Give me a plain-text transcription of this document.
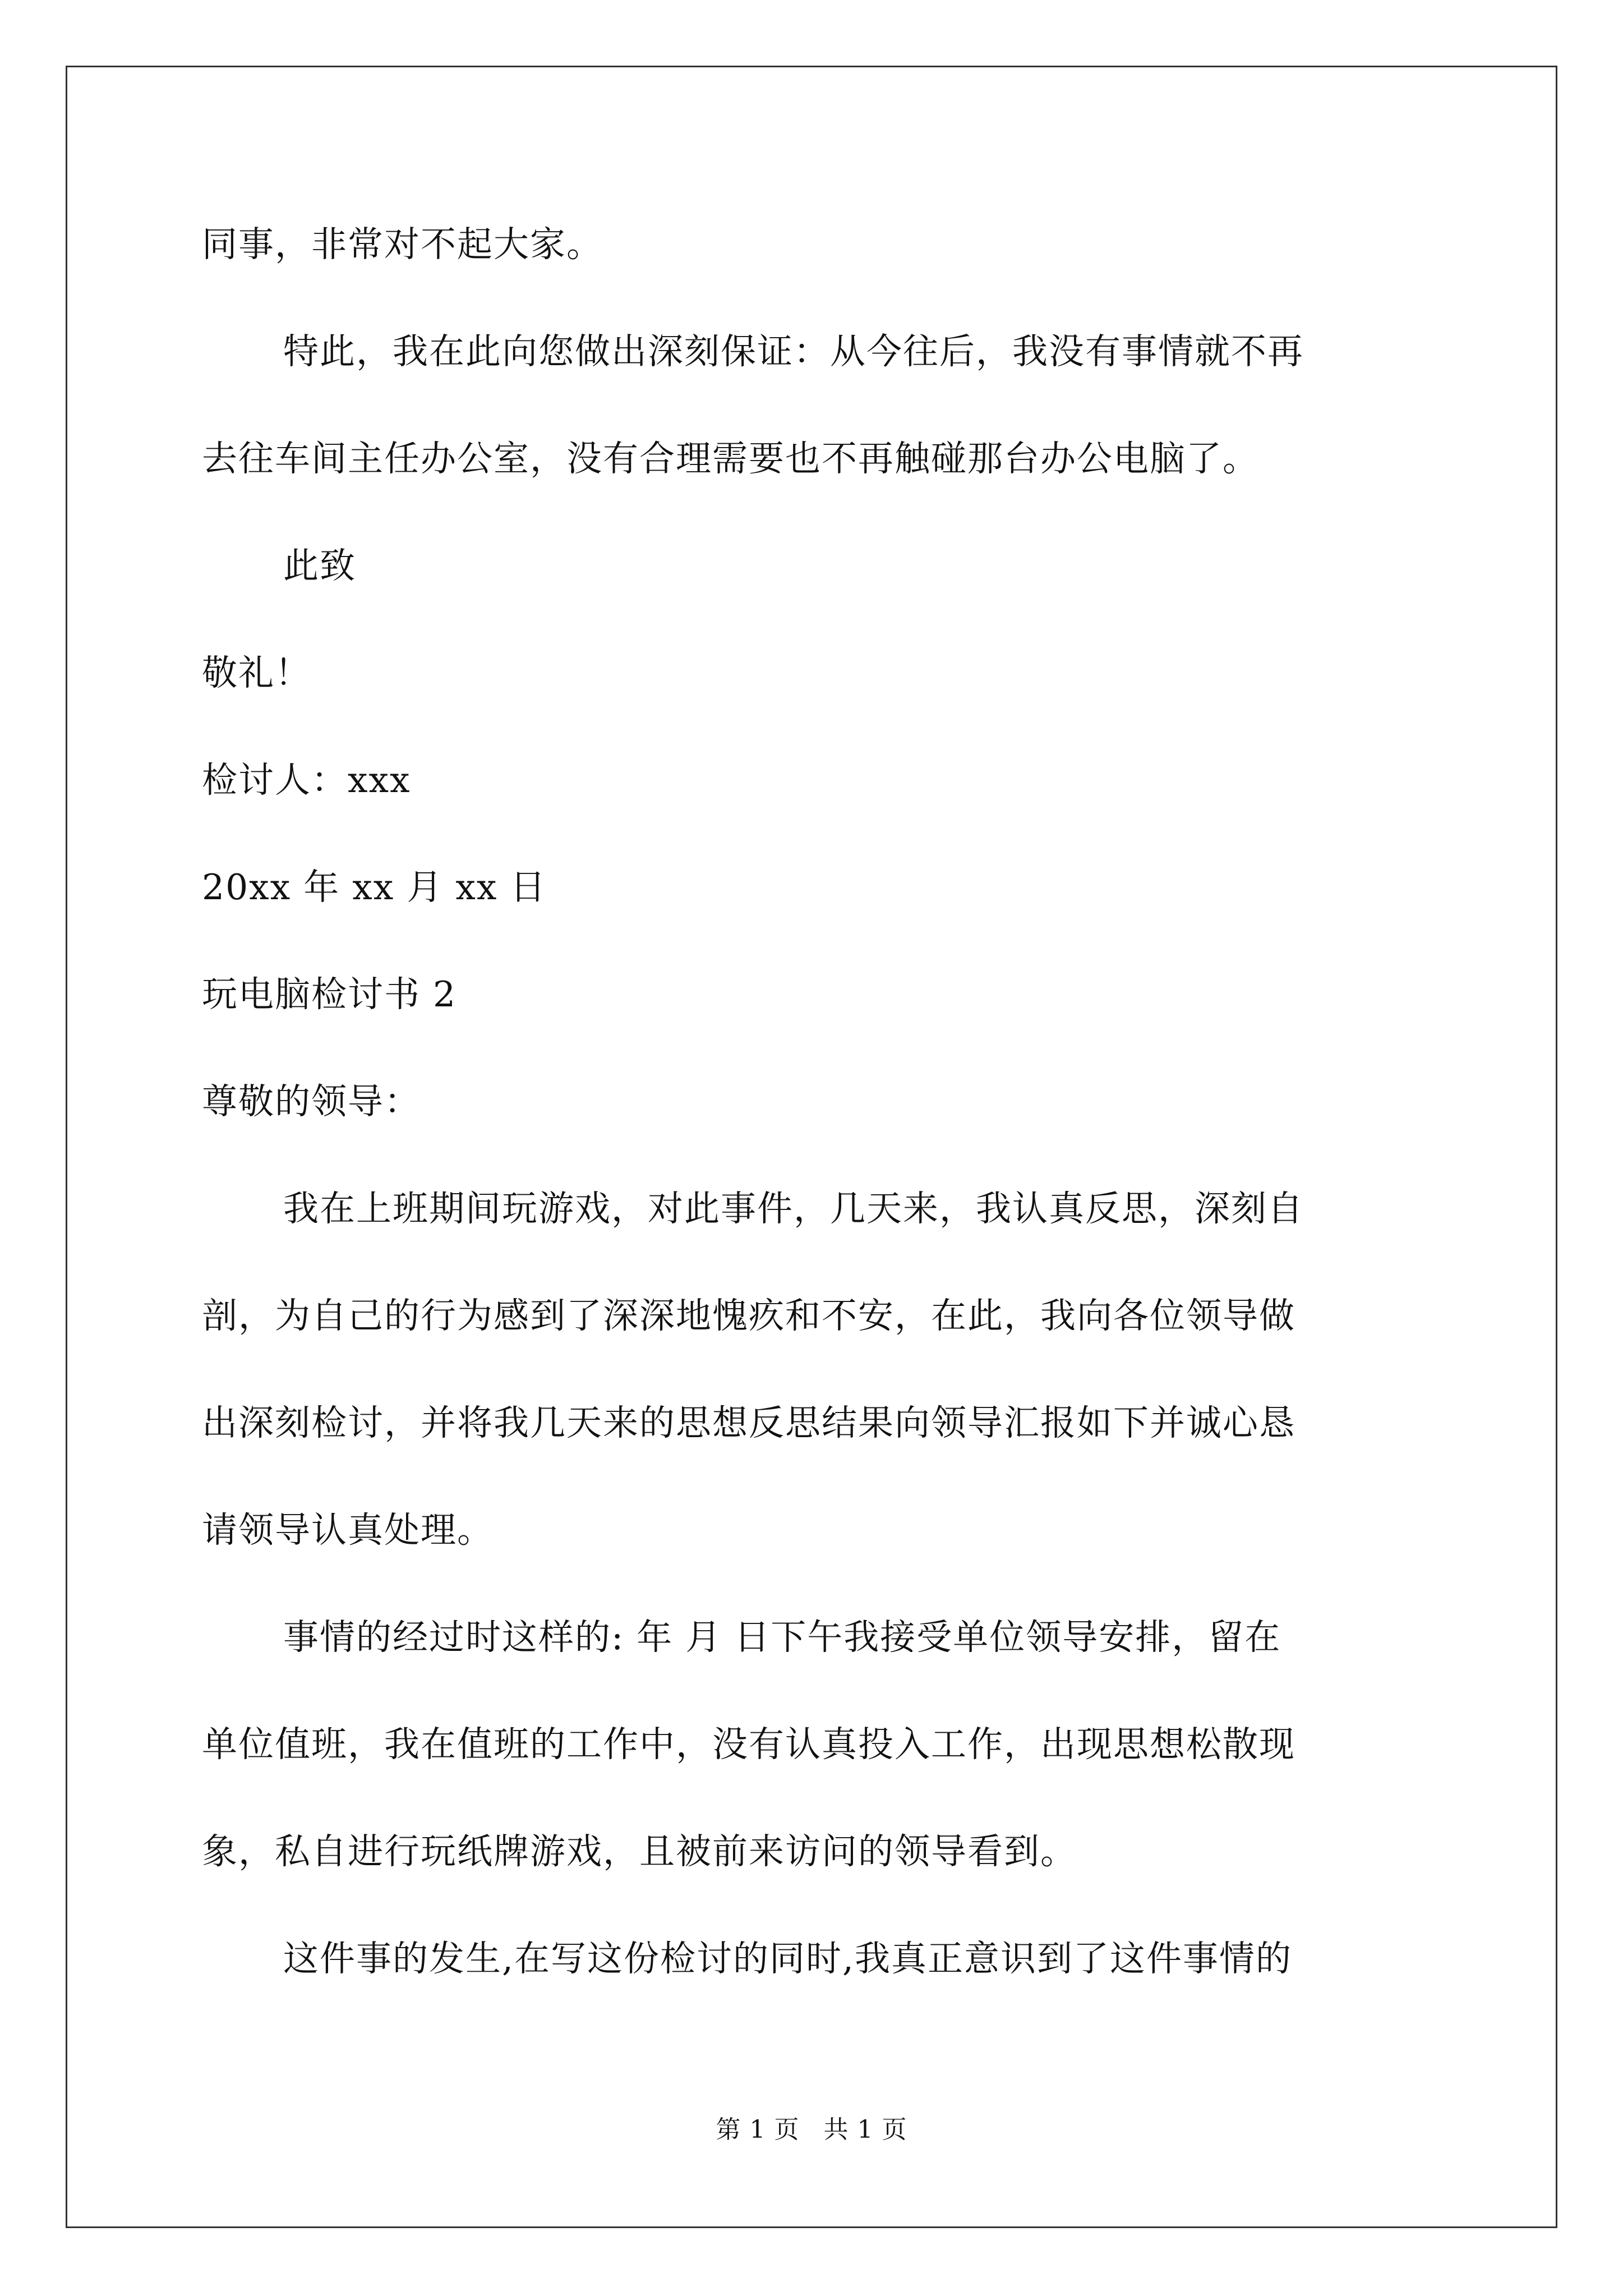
同事，非常对不起大家。
特此，我在此向您做出深刻保证：从今往后，我没有事情就不再
去往车间主任办公室，没有合理需要也不再触碰那台办公电脑了。
此致
敬礼！
检讨人：xxx
20xx 年 xx 月 xx 日
玩电脑检讨书 2
尊敬的领导：
我在上班期间玩游戏，对此事件，几天来，我认真反思，深刻自
剖，为自己的行为感到了深深地愧疚和不安，在此，我向各位领导做
出深刻检讨，并将我几天来的思想反思结果向领导汇报如下并诚心恳
请领导认真处理。
事情的经过时这样的: 年 月 日下午我接受单位领导安排，留在
单位值班，我在值班的工作中，没有认真投入工作，出现思想松散现
象，私自进行玩纸牌游戏，且被前来访问的领导看到。
这件事的发生,在写这份检讨的同时,我真正意识到了这件事情的
第 1 页 共 1 页
